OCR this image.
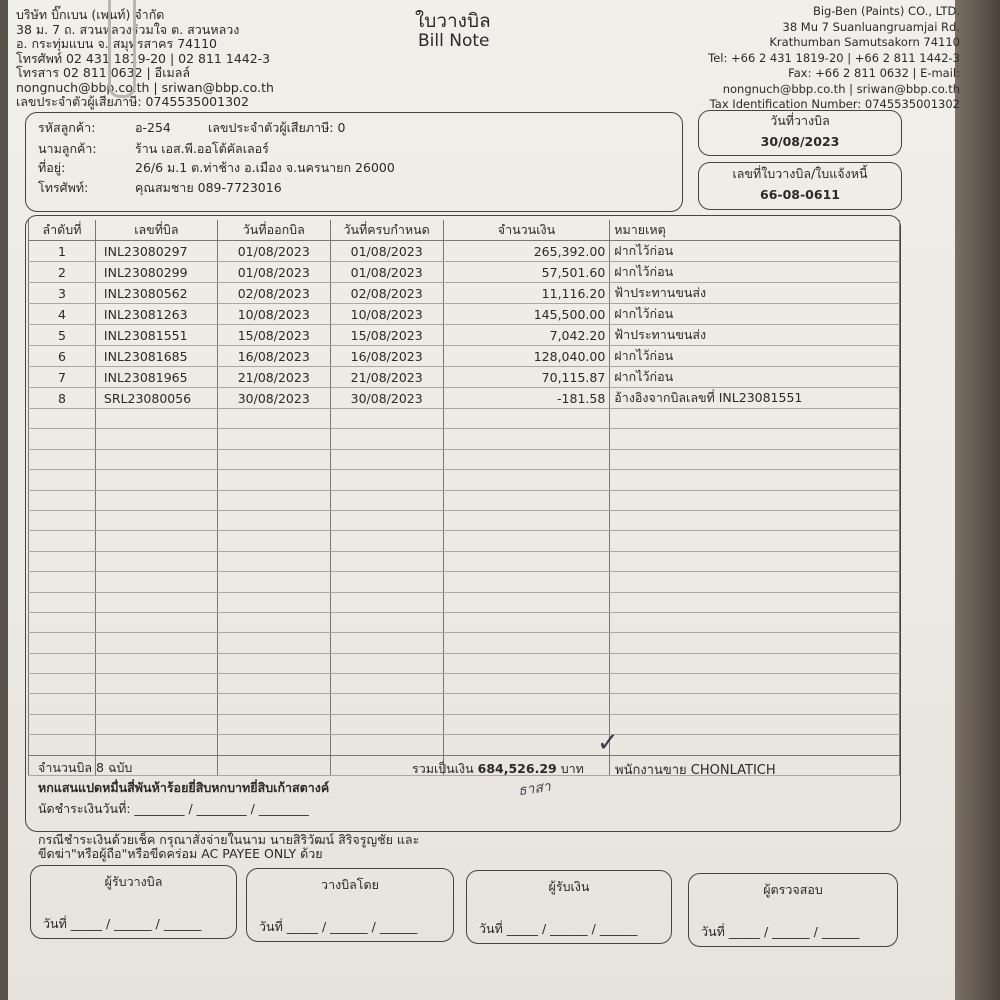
บริษัท บิ๊กเบน (เพนท์) จำกัด
38 ม. 7 ถ. สวนหลวงร่วมใจ ต. สวนหลวง
อ. กระทุ่มแบน จ. สมุทรสาคร 74110
โทรศัพท์ 02 431 1819-20 | 02 811 1442-3
โทรสาร 02 811 0632 | อีเมลล์
nongnuch@bbp.co.th | sriwan@bbp.co.th
เลขประจำตัวผู้เสียภาษี: 0745535001302
ใบวางบิล
Bill Note
Big-Ben (Paints) CO., LTD.
38 Mu 7 Suanluangruamjai Rd.
Krathumban Samutsakorn 74110
Tel: +66 2 431 1819-20 | +66 2 811 1442-3
Fax: +66 2 811 0632 | E-mail:
nongnuch@bbp.co.th | sriwan@bbp.co.th
Tax Identification Number: 0745535001302
รหัสลูกค้า:	อ-254	เลขประจำตัวผู้เสียภาษี: 0
นามลูกค้า:	ร้าน เอส.พี.ออโต้คัลเลอร์
ที่อยู่:	26/6 ม.1 ต.ท่าช้าง อ.เมือง จ.นครนายก 26000
โทรศัพท์:	คุณสมชาย 089-7723016
วันที่วางบิล
30/08/2023
เลขที่ใบวางบิล/ใบแจ้งหนี้
66-08-0611
ลำดับที่	เลขที่บิล	วันที่ออกบิล	วันที่ครบกำหนด	จำนวนเงิน	หมายเหตุ
1	INL23080297	01/08/2023	01/08/2023	265,392.00	ฝากไว้ก่อน
2	INL23080299	01/08/2023	01/08/2023	57,501.60	ฝากไว้ก่อน
3	INL23080562	02/08/2023	02/08/2023	11,116.20	ฟ้าประทานขนส่ง
4	INL23081263	10/08/2023	10/08/2023	145,500.00	ฝากไว้ก่อน
5	INL23081551	15/08/2023	15/08/2023	7,042.20	ฟ้าประทานขนส่ง
6	INL23081685	16/08/2023	16/08/2023	128,040.00	ฝากไว้ก่อน
7	INL23081965	21/08/2023	21/08/2023	70,115.87	ฝากไว้ก่อน
8	SRL23080056	30/08/2023	30/08/2023	-181.58	อ้างอิงจากบิลเลขที่ INL23081551

จำนวนบิล 8 ฉบับ	รวมเป็นเงิน 684,526.29 บาท พนักงานขาย CHONLATICH
หกแสนแปดหมื่นสี่พันห้าร้อยยี่สิบหกบาทยี่สิบเก้าสตางค์
นัดชำระเงินวันที่: ________ / ________ / ________
✓
ธาสา
กรณีชำระเงินด้วยเช็ค กรุณาสั่งจ่ายในนาม นายสิริวัฒน์ สิริจรูญชัย และ
ขีดฆ่า"หรือผู้ถือ"หรือขีดคร่อม AC PAYEE ONLY ด้วย
ผู้รับวางบิล
วันที่ _____ / ______ / ______
วางบิลโดย
วันที่ _____ / ______ / ______
ผู้รับเงิน
วันที่ _____ / ______ / ______
ผู้ตรวจสอบ
วันที่ _____ / ______ / ______
